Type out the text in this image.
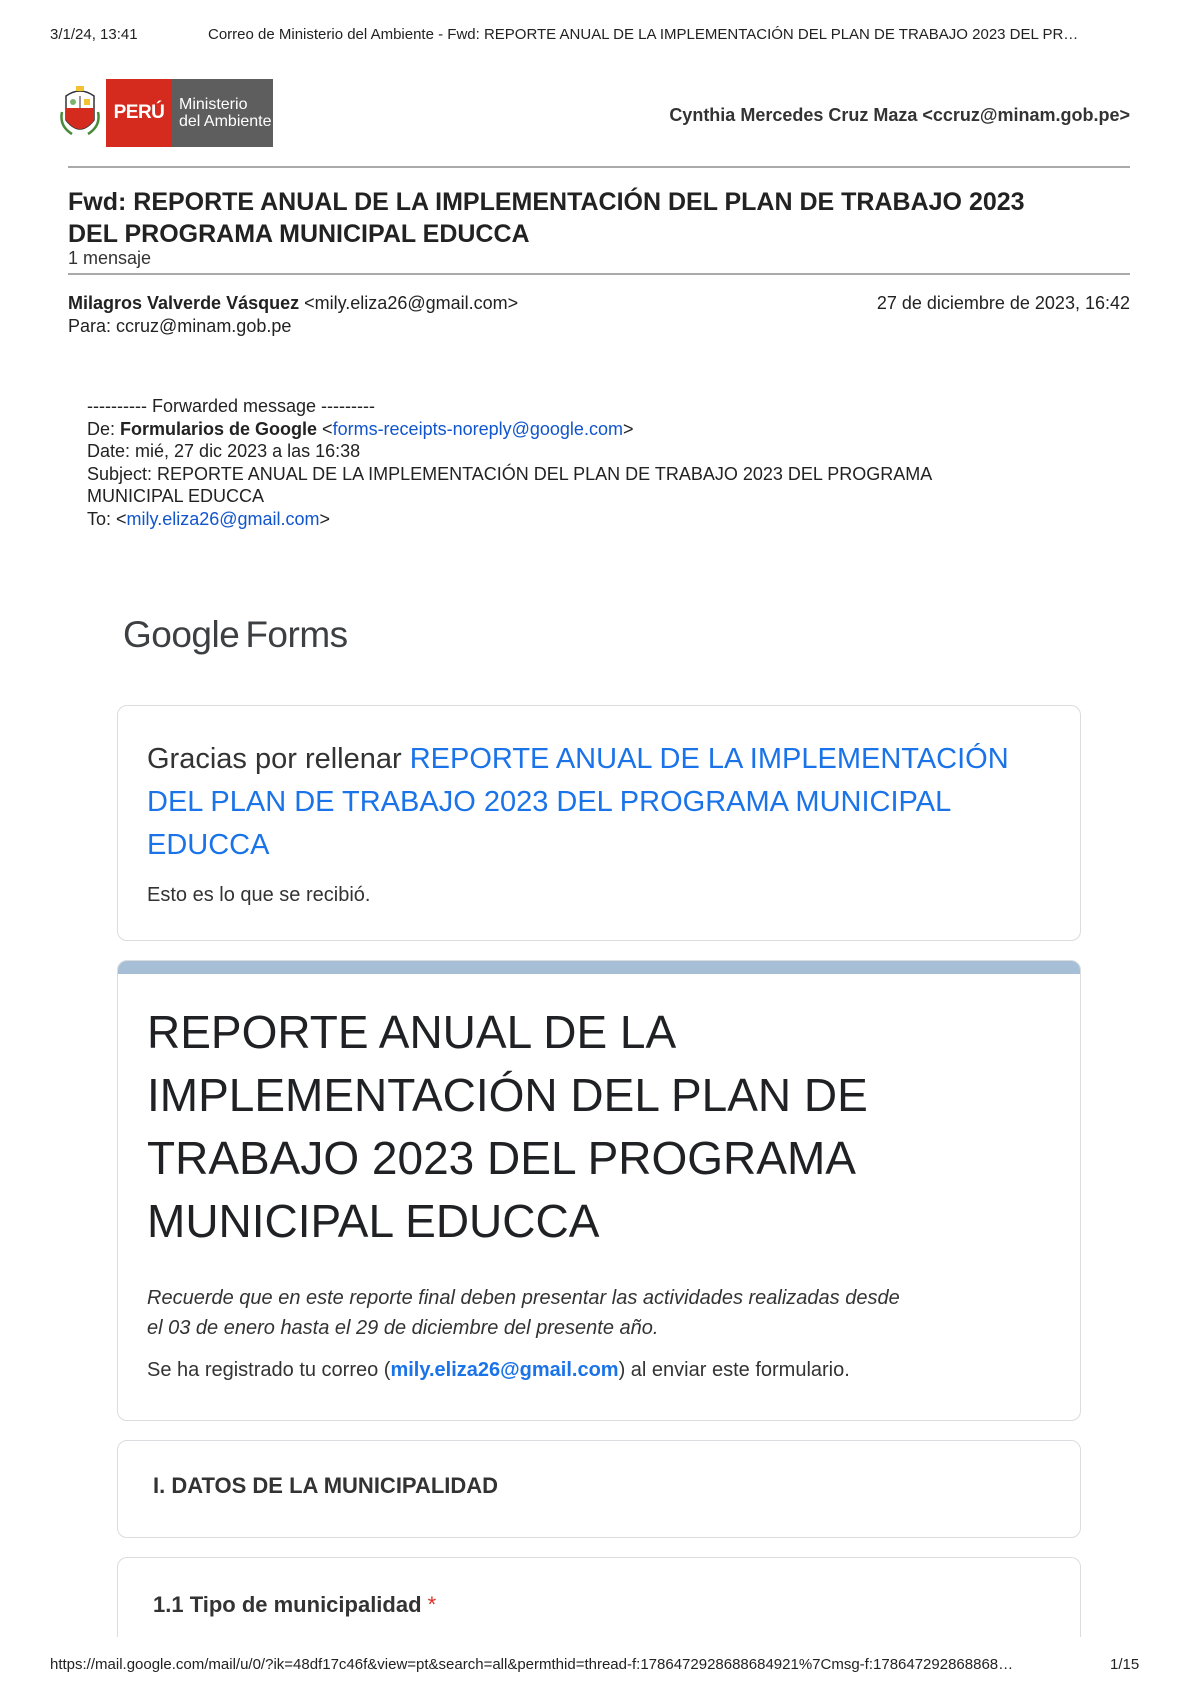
3/1/24, 13:41	Correo de Ministerio del Ambiente - Fwd: REPORTE ANUAL DE LA IMPLEMENTACIÓN DEL PLAN DE TRABAJO 2023 DEL PR…
PERÚ Ministerio
del Ambiente	Cynthia Mercedes Cruz Maza <ccruz@minam.gob.pe>
Fwd: REPORTE ANUAL DE LA IMPLEMENTACIÓN DEL PLAN DE TRABAJO 2023
DEL PROGRAMA MUNICIPAL EDUCCA
1 mensaje
Milagros Valverde Vásquez <mily.eliza26@gmail.com>	27 de diciembre de 2023, 16:42
Para: ccruz@minam.gob.pe
---------- Forwarded message ---------
De: Formularios de Google <forms-receipts-noreply@google.com>
Date: mié, 27 dic 2023 a las 16:38
Subject: REPORTE ANUAL DE LA IMPLEMENTACIÓN DEL PLAN DE TRABAJO 2023 DEL PROGRAMA
MUNICIPAL EDUCCA
To: <mily.eliza26@gmail.com>
Google Forms
Gracias por rellenar REPORTE ANUAL DE LA IMPLEMENTACIÓN DEL PLAN DE TRABAJO 2023 DEL PROGRAMA MUNICIPAL EDUCCA
Esto es lo que se recibió.
REPORTE ANUAL DE LA IMPLEMENTACIÓN DEL PLAN DE TRABAJO 2023 DEL PROGRAMA MUNICIPAL EDUCCA
Recuerde que en este reporte final deben presentar las actividades realizadas desde el 03 de enero hasta el 29 de diciembre del presente año.
Se ha registrado tu correo (mily.eliza26@gmail.com) al enviar este formulario.
I. DATOS DE LA MUNICIPALIDAD
1.1 Tipo de municipalidad *
https://mail.google.com/mail/u/0/?ik=48df17c46f&view=pt&search=all&permthid=thread-f:1786472928688684921%7Cmsg-f:178647292868868…	1/15
